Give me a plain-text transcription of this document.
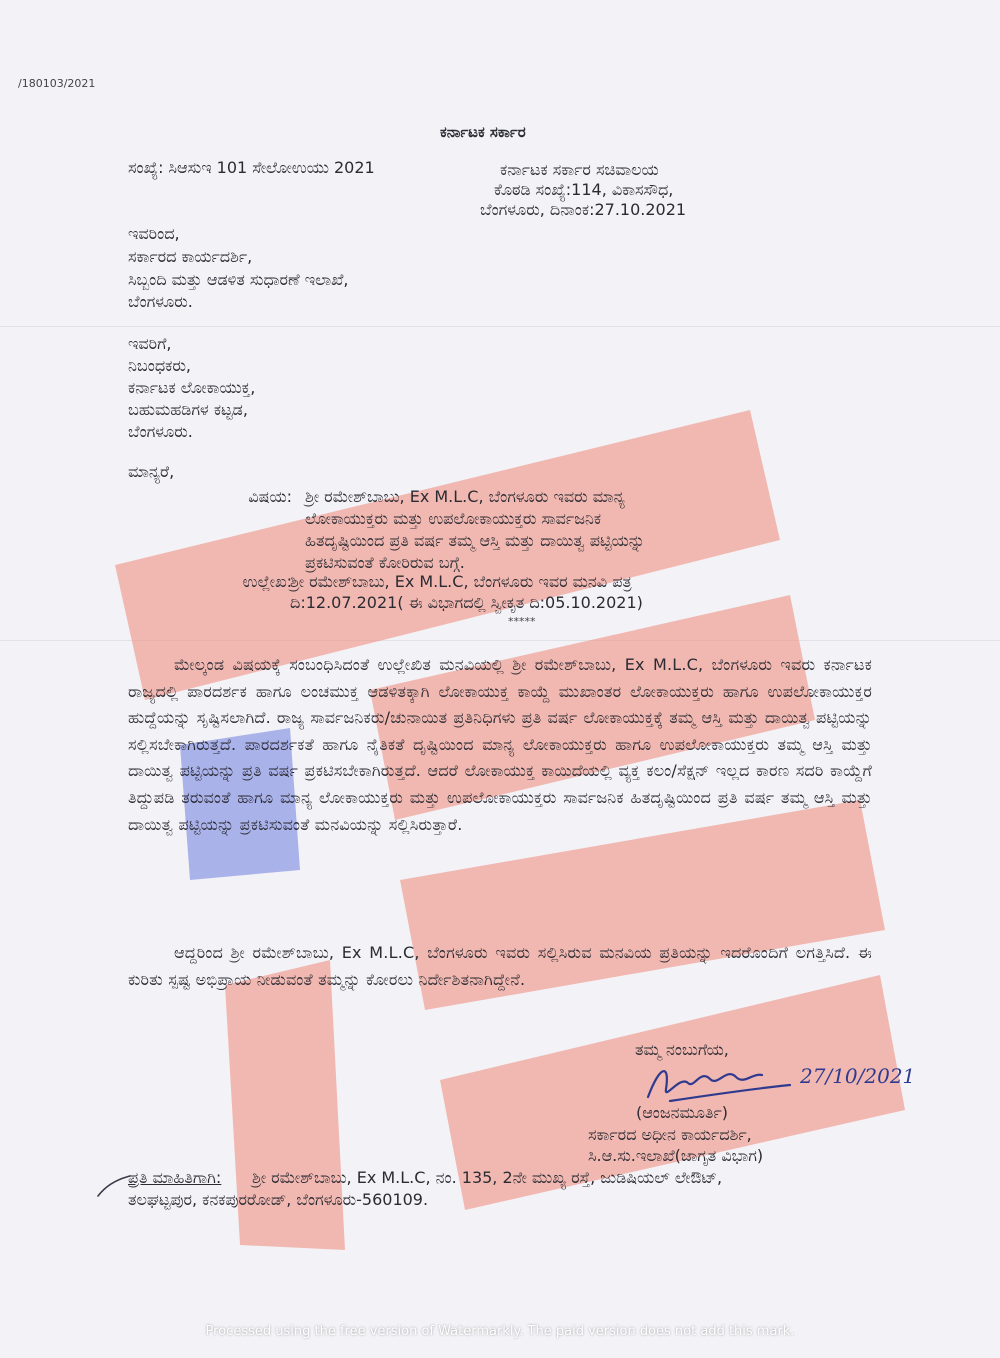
/180103/2021
ಕರ್ನಾಟಕ ಸರ್ಕಾರ
ಸಂಖ್ಯೆ: ಸಿಆಸುಇ 101 ಸೇಲೋಉಯು 2021	ಕರ್ನಾಟಕ ಸರ್ಕಾರ ಸಚಿವಾಲಯ
ಕೊಠಡಿ ಸಂಖ್ಯೆ:114, ವಿಕಾಸಸೌಧ,
ಬೆಂಗಳೂರು, ದಿನಾಂಕ:27.10.2021
ಇವರಿಂದ,
ಸರ್ಕಾರದ ಕಾರ್ಯದರ್ಶಿ,
ಸಿಬ್ಬಂದಿ ಮತ್ತು ಆಡಳಿತ ಸುಧಾರಣೆ ಇಲಾಖೆ,
ಬೆಂಗಳೂರು.
ಇವರಿಗೆ,
ನಿಬಂಧಕರು,
ಕರ್ನಾಟಕ ಲೋಕಾಯುಕ್ತ,
ಬಹುಮಹಡಿಗಳ ಕಟ್ಟಡ,
ಬೆಂಗಳೂರು.
ಮಾನ್ಯರೆ,
ವಿಷಯ: ಶ್ರೀ ರಮೇಶ್‌ಬಾಬು, Ex M.L.C, ಬೆಂಗಳೂರು ಇವರು ಮಾನ್ಯ
ಲೋಕಾಯುಕ್ತರು ಮತ್ತು ಉಪಲೋಕಾಯುಕ್ತರು ಸಾರ್ವಜನಿಕ
ಹಿತದೃಷ್ಟಿಯಿಂದ ಪ್ರತಿ ವರ್ಷ ತಮ್ಮ ಆಸ್ತಿ ಮತ್ತು ದಾಯಿತ್ವ ಪಟ್ಟಿಯನ್ನು
ಪ್ರಕಟಿಸುವಂತೆ ಕೋರಿರುವ ಬಗ್ಗೆ.
ಉಲ್ಲೇಖ:
ಶ್ರೀ ರಮೇಶ್‌ಬಾಬು, Ex M.L.C, ಬೆಂಗಳೂರು ಇವರ ಮನವಿ ಪತ್ರ
ದಿ:12.07.2021( ಈ ವಿಭಾಗದಲ್ಲಿ ಸ್ವೀಕೃತ ದಿ:05.10.2021)
*****

ಮೇಲ್ಕಂಡ ವಿಷಯಕ್ಕೆ ಸಂಬಂಧಿಸಿದಂತೆ ಉಲ್ಲೇಖಿತ ಮನವಿಯಲ್ಲಿ ಶ್ರೀ ರಮೇಶ್‌ಬಾಬು, Ex M.L.C, ಬೆಂಗಳೂರು ಇವರು ಕರ್ನಾಟಕ ರಾಜ್ಯದಲ್ಲಿ ಪಾರದರ್ಶಕ ಹಾಗೂ ಲಂಚಮುಕ್ತ ಆಡಳಿತಕ್ಕಾಗಿ ಲೋಕಾಯುಕ್ತ ಕಾಯ್ದೆ ಮುಖಾಂತರ ಲೋಕಾಯುಕ್ತರು ಹಾಗೂ ಉಪಲೋಕಾಯುಕ್ತರ ಹುದ್ದೆಯನ್ನು ಸೃಷ್ಟಿಸಲಾಗಿದೆ. ರಾಜ್ಯ ಸಾರ್ವಜನಿಕರು/ಚುನಾಯಿತ ಪ್ರತಿನಿಧಿಗಳು ಪ್ರತಿ ವರ್ಷ ಲೋಕಾಯುಕ್ತಕ್ಕೆ ತಮ್ಮ ಆಸ್ತಿ ಮತ್ತು ದಾಯಿತ್ವ ಪಟ್ಟಿಯನ್ನು ಸಲ್ಲಿಸಬೇಕಾಗಿರುತ್ತದೆ. ಪಾರದರ್ಶಕತೆ ಹಾಗೂ ನೈತಿಕತೆ ದೃಷ್ಟಿಯಿಂದ ಮಾನ್ಯ ಲೋಕಾಯುಕ್ತರು ಹಾಗೂ ಉಪಲೋಕಾಯುಕ್ತರು ತಮ್ಮ ಆಸ್ತಿ ಮತ್ತು ದಾಯಿತ್ವ ಪಟ್ಟಿಯನ್ನು ಪ್ರತಿ ವರ್ಷ ಪ್ರಕಟಿಸಬೇಕಾಗಿರುತ್ತದೆ. ಆದರೆ ಲೋಕಾಯುಕ್ತ ಕಾಯಿದೆಯಲ್ಲಿ ವ್ಯಕ್ತ ಕಲಂ/ಸೆಕ್ಷನ್ ಇಲ್ಲದ ಕಾರಣ ಸದರಿ ಕಾಯ್ದೆಗೆ ತಿದ್ದುಪಡಿ ತರುವಂತೆ ಹಾಗೂ ಮಾನ್ಯ ಲೋಕಾಯುಕ್ತರು ಮತ್ತು ಉಪಲೋಕಾಯುಕ್ತರು ಸಾರ್ವಜನಿಕ ಹಿತದೃಷ್ಟಿಯಿಂದ ಪ್ರತಿ ವರ್ಷ ತಮ್ಮ ಆಸ್ತಿ ಮತ್ತು ದಾಯಿತ್ವ ಪಟ್ಟಿಯನ್ನು ಪ್ರಕಟಿಸುವಂತೆ ಮನವಿಯನ್ನು ಸಲ್ಲಿಸಿರುತ್ತಾರೆ.

ಆದ್ದರಿಂದ ಶ್ರೀ ರಮೇಶ್‌ಬಾಬು, Ex M.L.C, ಬೆಂಗಳೂರು ಇವರು ಸಲ್ಲಿಸಿರುವ ಮನವಿಯ ಪ್ರತಿಯನ್ನು ಇದರೊಂದಿಗೆ ಲಗತ್ತಿಸಿದೆ. ಈ ಕುರಿತು ಸ್ಪಷ್ಟ ಅಭಿಪ್ರಾಯ ನೀಡುವಂತೆ ತಮ್ಮನ್ನು ಕೋರಲು ನಿರ್ದೇಶಿತನಾಗಿದ್ದೇನೆ.

ತಮ್ಮ ನಂಬುಗೆಯ,
27/10/2021
(ಆಂಜನಮೂರ್ತಿ)
ಸರ್ಕಾರದ ಅಧೀನ ಕಾರ್ಯದರ್ಶಿ,
ಸಿ.ಆ.ಸು.ಇಲಾಖೆ(ಜಾಗೃತ ವಿಭಾಗ)
ಪ್ರತಿ ಮಾಹಿತಿಗಾಗಿ: ಶ್ರೀ ರಮೇಶ್‌ಬಾಬು, Ex M.L.C, ನಂ. 135, 2ನೇ ಮುಖ್ಯ ರಸ್ತೆ, ಜುಡಿಷಿಯಲ್ ಲೇಔಟ್,
ತಲಘಟ್ಟಪುರ, ಕನಕಪುರರೋಡ್, ಬೆಂಗಳೂರು-560109.
Processed using the free version of Watermarkly. The paid version does not add this mark.
